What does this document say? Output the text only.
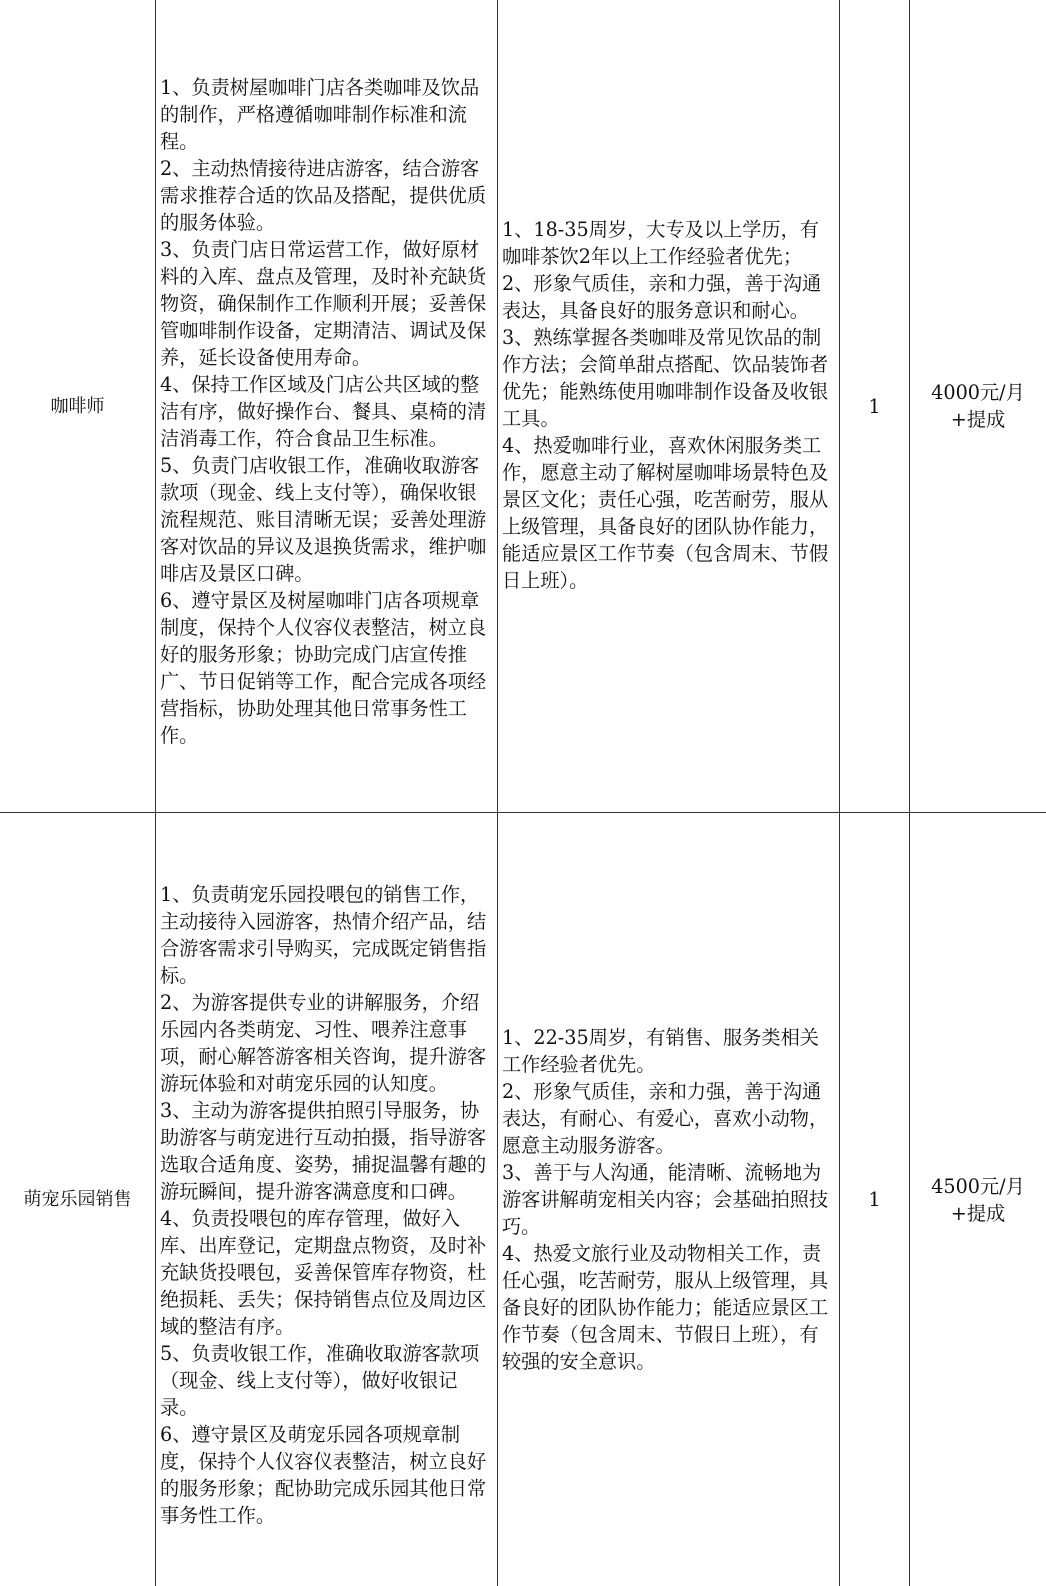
咖啡师

1、负责树屋咖啡门店各类咖啡及饮品的制作，严格遵循咖啡制作标准和流程。

2、主动热情接待进店游客，结合游客需求推荐合适的饮品及搭配，提供优质的服务体验。

3、负责门店日常运营工作，做好原材料的入库、盘点及管理，及时补充缺货物资，确保制作工作顺利开展；妥善保管咖啡制作设备，定期清洁、调试及保养，延长设备使用寿命。

4、保持工作区域及门店公共区域的整洁有序，做好操作台、餐具、桌椅的清洁消毒工作，符合食品卫生标准。

5、负责门店收银工作，准确收取游客款项（现金、线上支付等），确保收银流程规范、账目清晰无误；妥善处理游客对饮品的异议及退换货需求，维护咖啡店及景区口碑。

6、遵守景区及树屋咖啡门店各项规章制度，保持个人仪容仪表整洁，树立良好的服务形象；协助完成门店宣传推广、节日促销等工作，配合完成各项经营指标，协助处理其他日常事务性工作。

1、18-35周岁，大专及以上学历，有咖啡茶饮2年以上工作经验者优先；

2、形象气质佳，亲和力强，善于沟通表达，具备良好的服务意识和耐心。

3、熟练掌握各类咖啡及常见饮品的制作方法；会简单甜点搭配、饮品装饰者优先；能熟练使用咖啡制作设备及收银工具。

4、热爱咖啡行业，喜欢休闲服务类工作，愿意主动了解树屋咖啡场景特色及景区文化；责任心强，吃苦耐劳，服从上级管理，具备良好的团队协作能力，能适应景区工作节奏（包含周末、节假日上班）。

1

4000元/月

+提成

萌宠乐园销售

1、负责萌宠乐园投喂包的销售工作，主动接待入园游客，热情介绍产品，结合游客需求引导购买，完成既定销售指标。

2、为游客提供专业的讲解服务，介绍乐园内各类萌宠、习性、喂养注意事项，耐心解答游客相关咨询，提升游客游玩体验和对萌宠乐园的认知度。

3、主动为游客提供拍照引导服务，协助游客与萌宠进行互动拍摄，指导游客选取合适角度、姿势，捕捉温馨有趣的游玩瞬间，提升游客满意度和口碑。

4、负责投喂包的库存管理，做好入库、出库登记，定期盘点物资，及时补充缺货投喂包，妥善保管库存物资，杜绝损耗、丢失；保持销售点位及周边区域的整洁有序。

5、负责收银工作，准确收取游客款项（现金、线上支付等），做好收银记录。

6、遵守景区及萌宠乐园各项规章制度，保持个人仪容仪表整洁，树立良好的服务形象；配协助完成乐园其他日常事务性工作。

1、22-35周岁，有销售、服务类相关工作经验者优先。

2、形象气质佳，亲和力强，善于沟通表达，有耐心、有爱心，喜欢小动物，愿意主动服务游客。

3、善于与人沟通，能清晰、流畅地为游客讲解萌宠相关内容；会基础拍照技巧。

4、热爱文旅行业及动物相关工作，责任心强，吃苦耐劳，服从上级管理，具备良好的团队协作能力；能适应景区工作节奏（包含周末、节假日上班），有较强的安全意识。

1

4500元/月

+提成
